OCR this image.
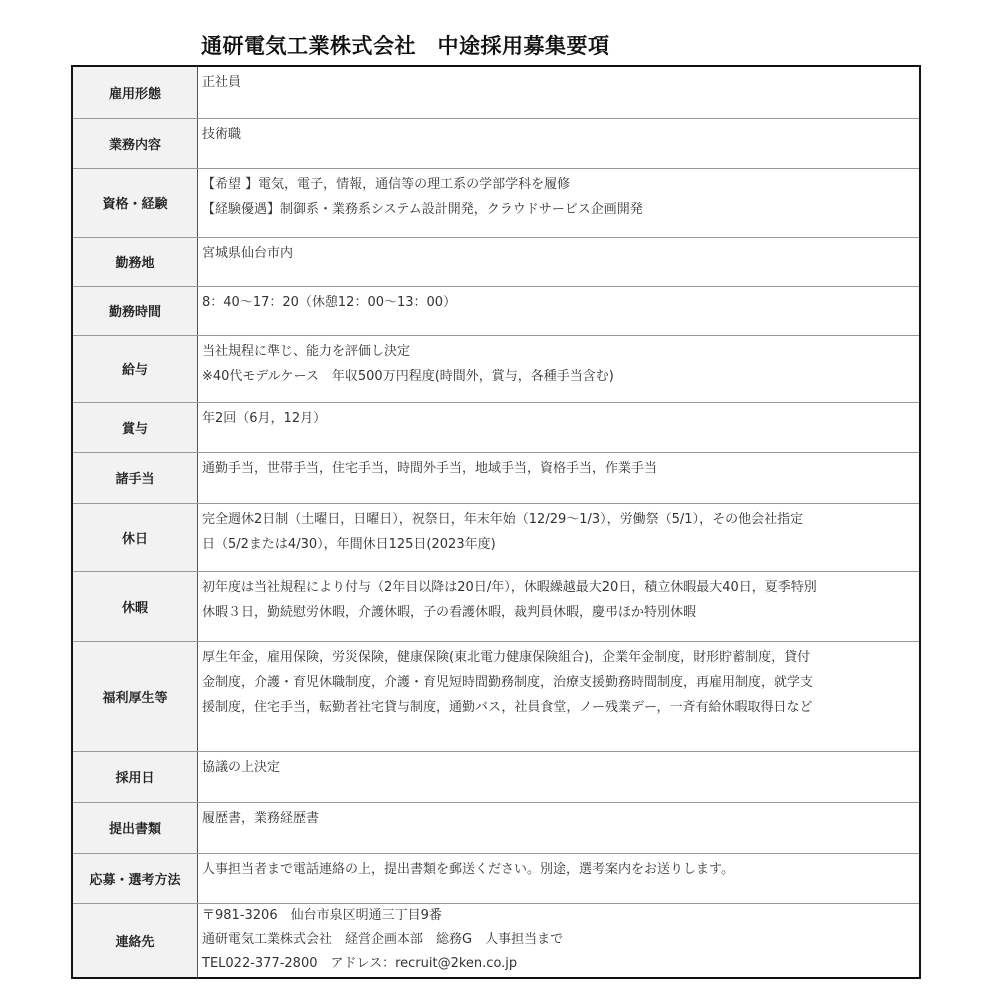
通研電気工業株式会社　中途採用募集要項
雇用形態	正社員

業務内容	技術職

資格・経験	【希望 】電気，電子，情報，通信等の理工系の学部学科を履修
【経験優遇】制御系・業務系システム設計開発，クラウドサービス企画開発

勤務地	宮城県仙台市内

勤務時間	8：40～17：20（休憩12：00～13：00）

給与	当社規程に準じ、能力を評価し決定
※40代モデルケース　年収500万円程度(時間外，賞与，各種手当含む)

賞与	年2回（6月，12月）

諸手当	通勤手当，世帯手当，住宅手当，時間外手当，地域手当，資格手当，作業手当

休日	完全週休2日制（土曜日，日曜日），祝祭日，年末年始（12/29～1/3），労働祭（5/1），その他会社指定
日（5/2または4/30），年間休日125日(2023年度)

休暇	初年度は当社規程により付与（2年目以降は20日/年），休暇繰越最大20日，積立休暇最大40日，夏季特別
休暇３日，勤続慰労休暇，介護休暇，子の看護休暇，裁判員休暇，慶弔ほか特別休暇

福利厚生等	厚生年金，雇用保険，労災保険，健康保険(東北電力健康保険組合)，企業年金制度，財形貯蓄制度，貸付
金制度，介護・育児休職制度，介護・育児短時間勤務制度，治療支援勤務時間制度，再雇用制度，就学支
援制度，住宅手当，転勤者社宅貸与制度，通勤バス，社員食堂，ノー残業デー，一斉有給休暇取得日など

採用日	協議の上決定

提出書類	履歴書，業務経歴書

応募・選考方法	人事担当者まで電話連絡の上，提出書類を郵送ください。別途，選考案内をお送りします。

連絡先	〒981-3206　仙台市泉区明通三丁目9番
通研電気工業株式会社　経営企画本部　総務G　人事担当まで
TEL022-377-2800　アドレス：recruit@2ken.co.jp
